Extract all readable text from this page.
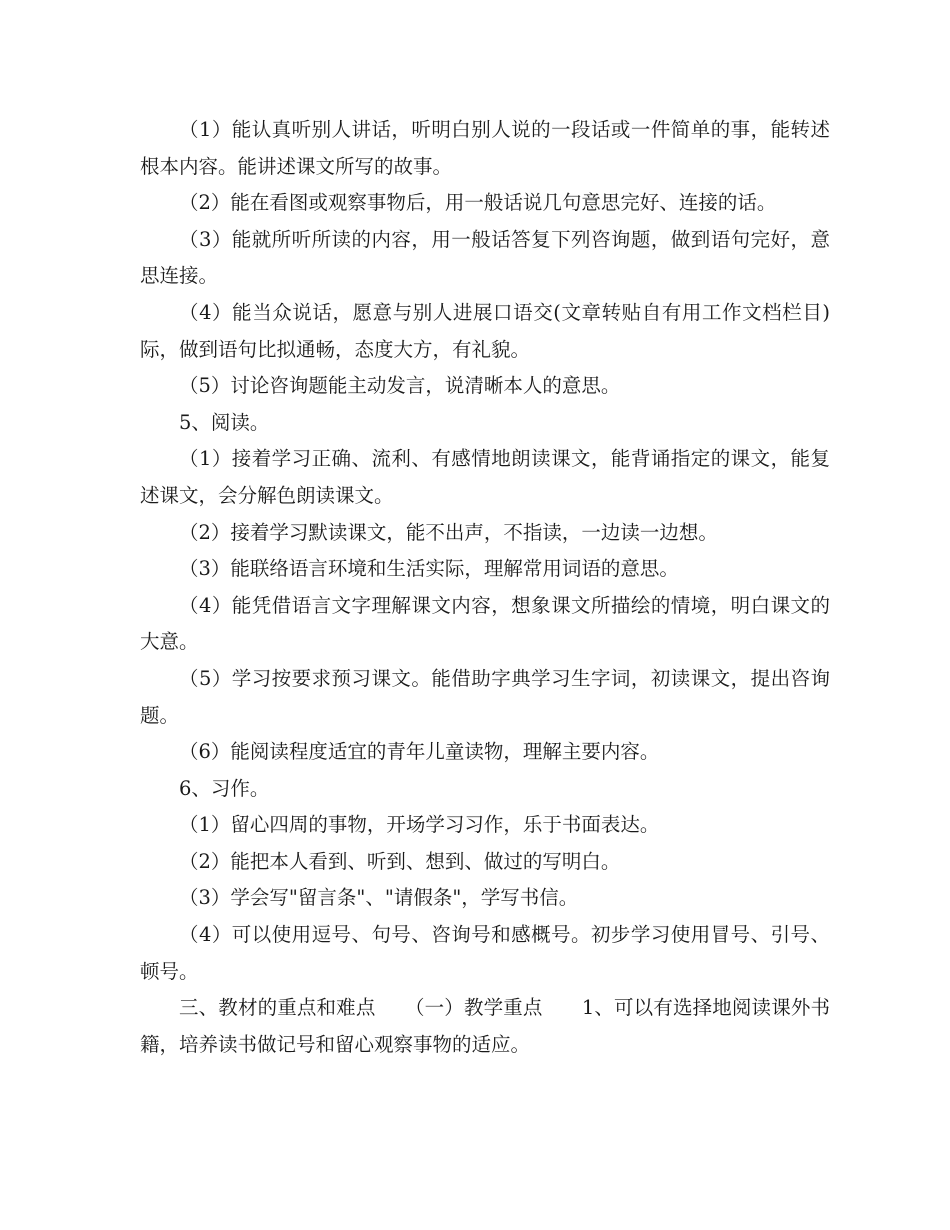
（1）能认真听别人讲话，听明白别人说的一段话或一件简单的事，能转述根本内容。能讲述课文所写的故事。

（2）能在看图或观察事物后，用一般话说几句意思完好、连接的话。

（3）能就所听所读的内容，用一般话答复下列咨询题，做到语句完好，意思连接。

（4）能当众说话，愿意与别人进展口语交(文章转贴自有用工作文档栏目)际，做到语句比拟通畅，态度大方，有礼貌。

（5）讨论咨询题能主动发言，说清晰本人的意思。

5、阅读。

（1）接着学习正确、流利、有感情地朗读课文，能背诵指定的课文，能复述课文，会分解色朗读课文。

（2）接着学习默读课文，能不出声，不指读，一边读一边想。

（3）能联络语言环境和生活实际，理解常用词语的意思。

（4）能凭借语言文字理解课文内容，想象课文所描绘的情境，明白课文的大意。

（5）学习按要求预习课文。能借助字典学习生字词，初读课文，提出咨询题。

（6）能阅读程度适宜的青年儿童读物，理解主要内容。

6、习作。

（1）留心四周的事物，开场学习习作，乐于书面表达。

（2）能把本人看到、听到、想到、做过的写明白。

（3）学会写"留言条"、"请假条"，学写书信。

（4）可以使用逗号、句号、咨询号和感概号。初步学习使用冒号、引号、顿号。

三、教材的重点和难点　　（一）教学重点　　1、可以有选择地阅读课外书籍，培养读书做记号和留心观察事物的适应。
